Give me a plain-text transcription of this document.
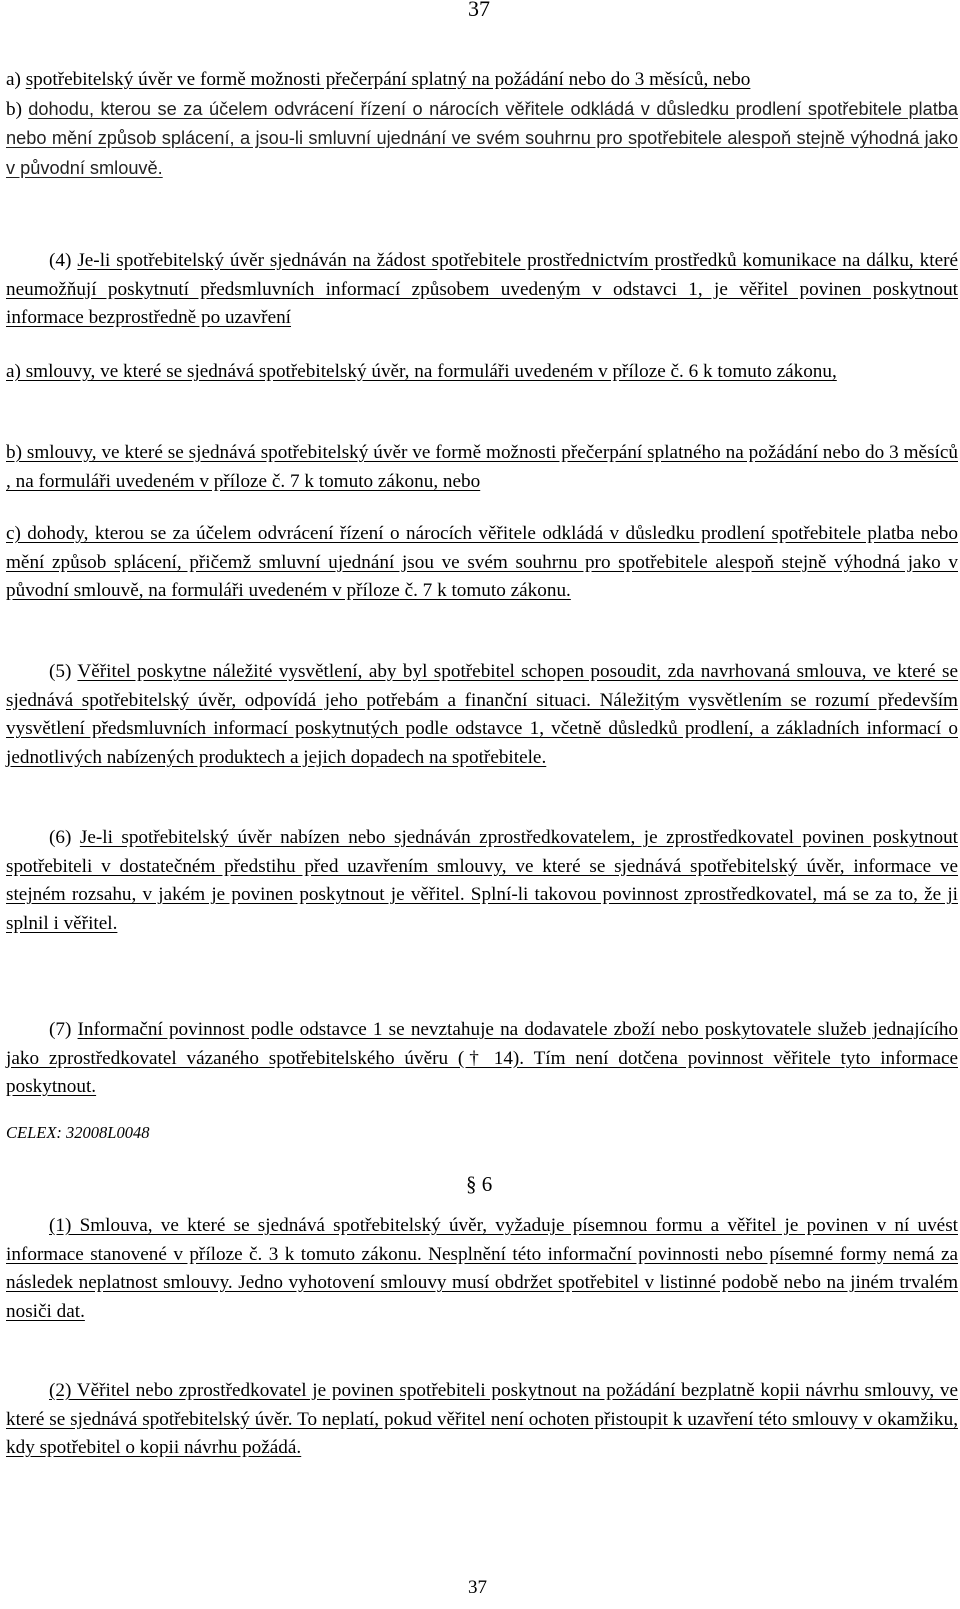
37
a) spotřebitelský úvěr ve formě možnosti přečerpání splatný na požádání nebo do 3 měsíců, nebo
b) dohodu, kterou se za účelem odvrácení řízení o nárocích věřitele odkládá v důsledku prodlení spotřebitele platba nebo mění způsob splácení, a jsou-li smluvní ujednání ve svém souhrnu pro spotřebitele alespoň stejně výhodná jako v původní smlouvě.
(4) Je-li spotřebitelský úvěr sjednáván na žádost spotřebitele prostřednictvím prostředků komunikace na dálku, které neumožňují poskytnutí předsmluvních informací způsobem uvedeným v odstavci 1, je věřitel povinen poskytnout informace bezprostředně po uzavření
a) smlouvy, ve které se sjednává spotřebitelský úvěr, na formuláři uvedeném v příloze č. 6 k tomuto zákonu,
b) smlouvy, ve které se sjednává spotřebitelský úvěr ve formě možnosti přečerpání splatného na požádání nebo do 3 měsíců , na formuláři uvedeném v příloze č. 7 k tomuto zákonu, nebo
c) dohody, kterou se za účelem odvrácení řízení o nárocích věřitele odkládá v důsledku prodlení spotřebitele platba nebo mění způsob splácení, přičemž smluvní ujednání jsou ve svém souhrnu pro spotřebitele alespoň stejně výhodná jako v původní smlouvě, na formuláři uvedeném v příloze č. 7 k tomuto zákonu.
(5) Věřitel poskytne náležité vysvětlení, aby byl spotřebitel schopen posoudit, zda navrhovaná smlouva, ve které se sjednává spotřebitelský úvěr, odpovídá jeho potřebám a finanční situaci. Náležitým vysvětlením se rozumí především vysvětlení předsmluvních informací poskytnutých podle odstavce 1, včetně důsledků prodlení, a základních informací o jednotlivých nabízených produktech a jejich dopadech na spotřebitele.
(6) Je-li spotřebitelský úvěr nabízen nebo sjednáván zprostředkovatelem, je zprostředkovatel povinen poskytnout spotřebiteli v dostatečném předstihu před uzavřením smlouvy, ve které se sjednává spotřebitelský úvěr, informace ve stejném rozsahu, v jakém je povinen poskytnout je věřitel. Splní-li takovou povinnost zprostředkovatel, má se za to, že ji splnil i věřitel.
(7) Informační povinnost podle odstavce 1 se nevztahuje na dodavatele zboží nebo poskytovatele služeb jednajícího jako zprostředkovatel vázaného spotřebitelského úvěru († 14). Tím není dotčena povinnost věřitele tyto informace poskytnout.
CELEX: 32008L0048
§ 6
(1) Smlouva, ve které se sjednává spotřebitelský úvěr, vyžaduje písemnou formu a věřitel je povinen v ní uvést informace stanovené v příloze č. 3 k tomuto zákonu. Nesplnění této informační povinnosti nebo písemné formy nemá za následek neplatnost smlouvy. Jedno vyhotovení smlouvy musí obdržet spotřebitel v listinné podobě nebo na jiném trvalém nosiči dat.
(2) Věřitel nebo zprostředkovatel je povinen spotřebiteli poskytnout na požádání bezplatně kopii návrhu smlouvy, ve které se sjednává spotřebitelský úvěr. To neplatí, pokud věřitel není ochoten přistoupit k uzavření této smlouvy v okamžiku, kdy spotřebitel o kopii návrhu požádá.
37
